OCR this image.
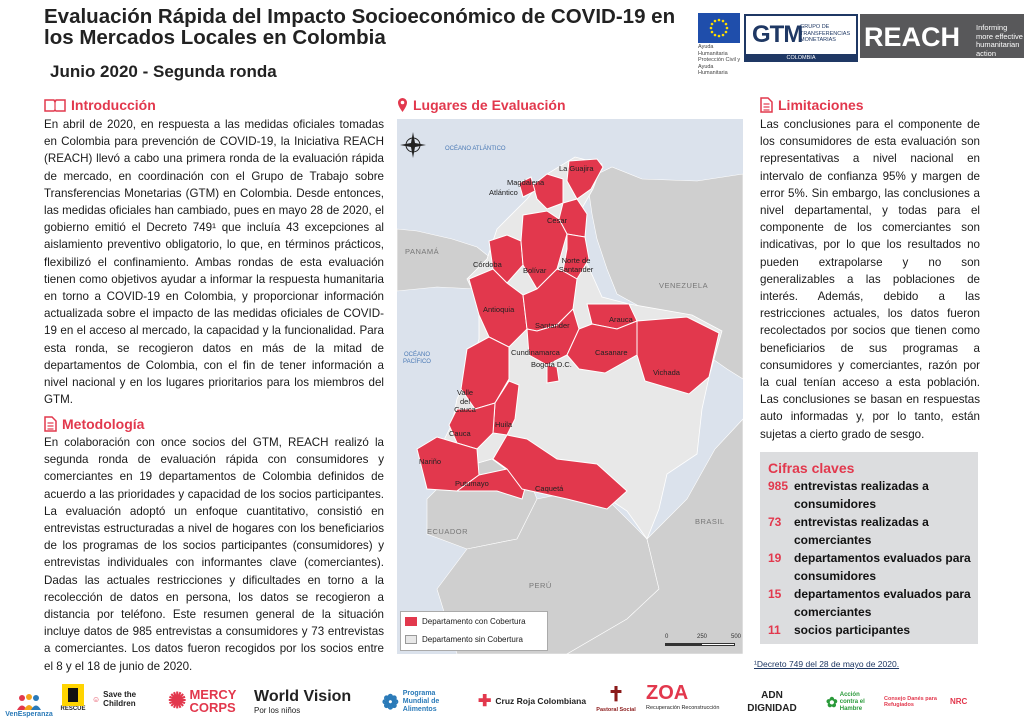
Evaluación Rápida del Impacto Socioeconómico de COVID-19 en los Mercados Locales en Colombia
Junio 2020 - Segunda ronda
Ayuda Humanitaria Protección Civil y Ayuda Humanitaria
GTM
GRUPO DE TRANSFERENCIAS MONETARIAS
COLOMBIA
REACH Informing more effective humanitarian action
Introducción
En abril de 2020, en respuesta a las medidas oficiales tomadas en Colombia para prevención de COVID-19, la Iniciativa REACH (REACH) llevó a cabo una primera ronda de la evaluación rápida de mercado, en coordinación con el Grupo de Trabajo sobre Transferencias Monetarias (GTM) en Colombia. Desde entonces, las medidas oficiales han cambiado, pues en mayo 28 de 2020, el gobierno emitió el Decreto 749¹ que incluía 43 excepciones al aislamiento preventivo obligatorio, lo que, en términos prácticos, flexibilizó el confinamiento. Ambas rondas de esta evaluación tienen como objetivos ayudar a informar la respuesta humanitaria en torno a COVID-19 en Colombia, y proporcionar información actualizada sobre el impacto de las medidas oficiales de COVID-19 en el acceso al mercado, la capacidad y la funcionalidad. Para esta ronda, se recogieron datos en más de la mitad de departamentos de Colombia, con el fin de tener información a nivel nacional y en los lugares prioritarios para los miembros del GTM.
Metodología
En colaboración con once socios del GTM, REACH realizó la segunda ronda de evaluación rápida con consumidores y comerciantes en 19 departamentos de Colombia definidos de acuerdo a las prioridades y capacidad de los socios participantes. La evaluación adoptó un enfoque cuantitativo, consistió en entrevistas estructuradas a nivel de hogares con los beneficiarios de los programas de los socios participantes (consumidores) y entrevistas individuales con informantes clave (comerciantes). Dadas las actuales restricciones y dificultades en torno a la recolección de datos en persona, los datos se recogieron a distancia por teléfono. Este resumen general de la situación incluye datos de 985 entrevistas a consumidores y 73 entrevistas a comerciantes. Los datos fueron recogidos por los socios entre el 8 y el 18 de junio de 2020.
Lugares de Evaluación
OCÉANO ATLÁNTICO
OCÉANO PACÍFICO
PANAMÁ
VENEZUELA
ECUADOR
BRASIL
PERÚ
La Guajira
Magdalena
Atlántico
Cesar
Córdoba
Bolívar
Norte de Santander
Antioquia
Santander
Arauca
Cundinamarca	Casanare
Bogotá D.C.
Vichada
Valle del Cauca
Huila
Cauca
Nariño
Putumayo
Caquetá
Departamento con Cobertura
Departamento sin Cobertura	0	250	500
Limitaciones
Las conclusiones para el componente de los consumidores de esta evaluación son representativas a nivel nacional en intervalo de confianza 95% y margen de error 5%. Sin embargo, las conclusiones a nivel departamental, y todas para el componente de los comerciantes son indicativas, por lo que los resultados no pueden extrapolarse y no son generalizables a las poblaciones de interés. Además, debido a las restricciones actuales, los datos fueron recolectados por socios que tienen como beneficiarios de sus programas a consumidores y comerciantes, razón por la cual tenían acceso a esta población. Las conclusiones se basan en respuestas auto informadas y, por lo tanto, están sujetas a cierto grado de sesgo.
Cifras claves
985 entrevistas realizadas a consumidores
73 entrevistas realizadas a comerciantes
19 departamentos evaluados para consumidores
15 departamentos evaluados para comerciantes
11 socios participantes
¹Decreto 749 del 28 de mayo de 2020.
VenEsperanza
RESCUE
☺ Save the Children	✺ MERCY CORPS
World Vision
Por los niños	❁ Programa Mundial de Alimentos	✚ Cruz Roja Colombiana ✝
Pastoral Social
ZOA
Recuperación Reconstrucción
ADN DIGNIDAD	✿ Acción contra el Hambre
Consejo Danés para Refugiados	NRC
